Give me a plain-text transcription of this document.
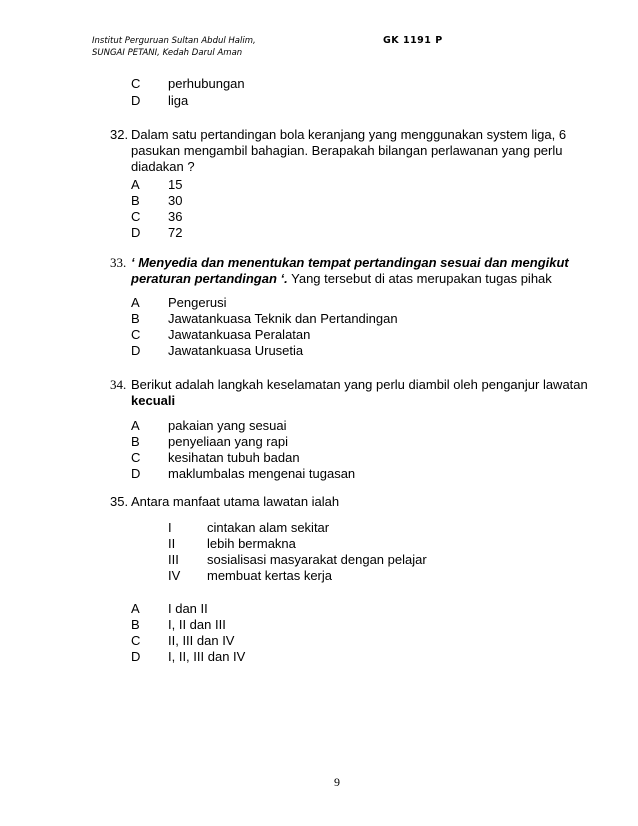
Institut Perguruan Sultan Abdul Halim,
SUNGAI PETANI, Kedah Darul Aman
GK 1191 P
C perhubungan
D liga
32. Dalam satu pertandingan bola keranjang yang menggunakan system liga, 6
pasukan mengambil bahagian. Berapakah bilangan perlawanan yang perlu
diadakan ?
A 15
B 30
C 36
D 72
33. ‘ Menyedia dan menentukan tempat pertandingan sesuai dan mengikut
peraturan pertandingan ‘. Yang tersebut di atas merupakan tugas pihak
A Pengerusi
B Jawatankuasa Teknik dan Pertandingan
C Jawatankuasa Peralatan
D Jawatankuasa Urusetia
34. Berikut adalah langkah keselamatan yang perlu diambil oleh penganjur lawatan
kecuali
A pakaian yang sesuai
B penyeliaan yang rapi
C kesihatan tubuh badan
D maklumbalas mengenai tugasan
35. Antara manfaat utama lawatan ialah
I	cintakan alam sekitar
II lebih bermakna
III sosialisasi masyarakat dengan pelajar
IV membuat kertas kerja
A I dan II
B I, II dan III
C II, III dan IV
D I, II, III dan IV
9
